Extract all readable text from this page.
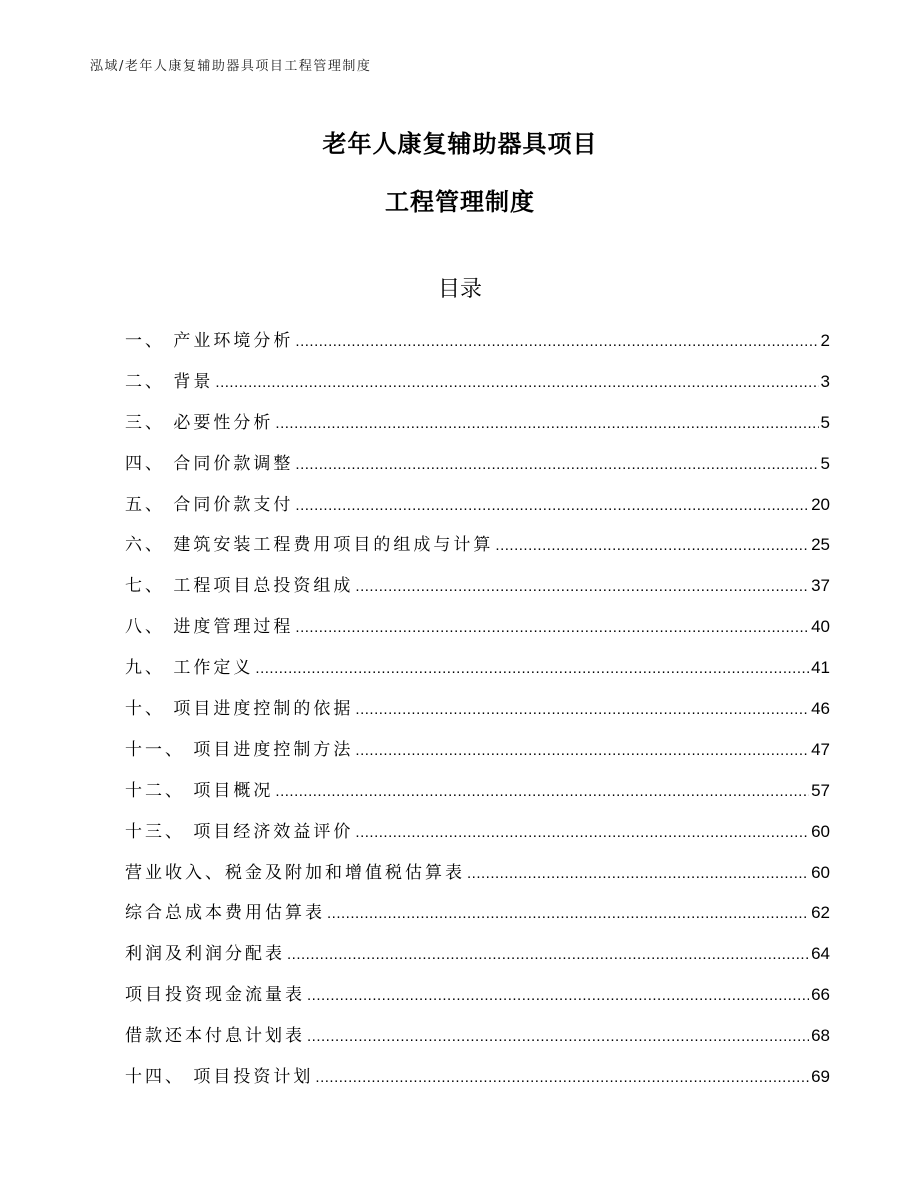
泓域/老年人康复辅助器具项目工程管理制度
老年人康复辅助器具项目
工程管理制度
目录
一、 产业环境分析 .....	2
二、 背景 .....	3
三、 必要性分析 .....	5
四、 合同价款调整 .....	5
五、 合同价款支付 .....	20
六、 建筑安装工程费用项目的组成与计算 .....	25
七、 工程项目总投资组成 .....	37
八、 进度管理过程 .....	40
九、 工作定义 .....	41
十、 项目进度控制的依据 .....	46
十一、 项目进度控制方法 .....	47
十二、 项目概况 .....	57
十三、 项目经济效益评价 .....	60
营业收入、税金及附加和增值税估算表 .....	60
综合总成本费用估算表 .....	62
利润及利润分配表 .....	64
项目投资现金流量表 .....	66
借款还本付息计划表 .....	68
十四、 项目投资计划 .....	69
